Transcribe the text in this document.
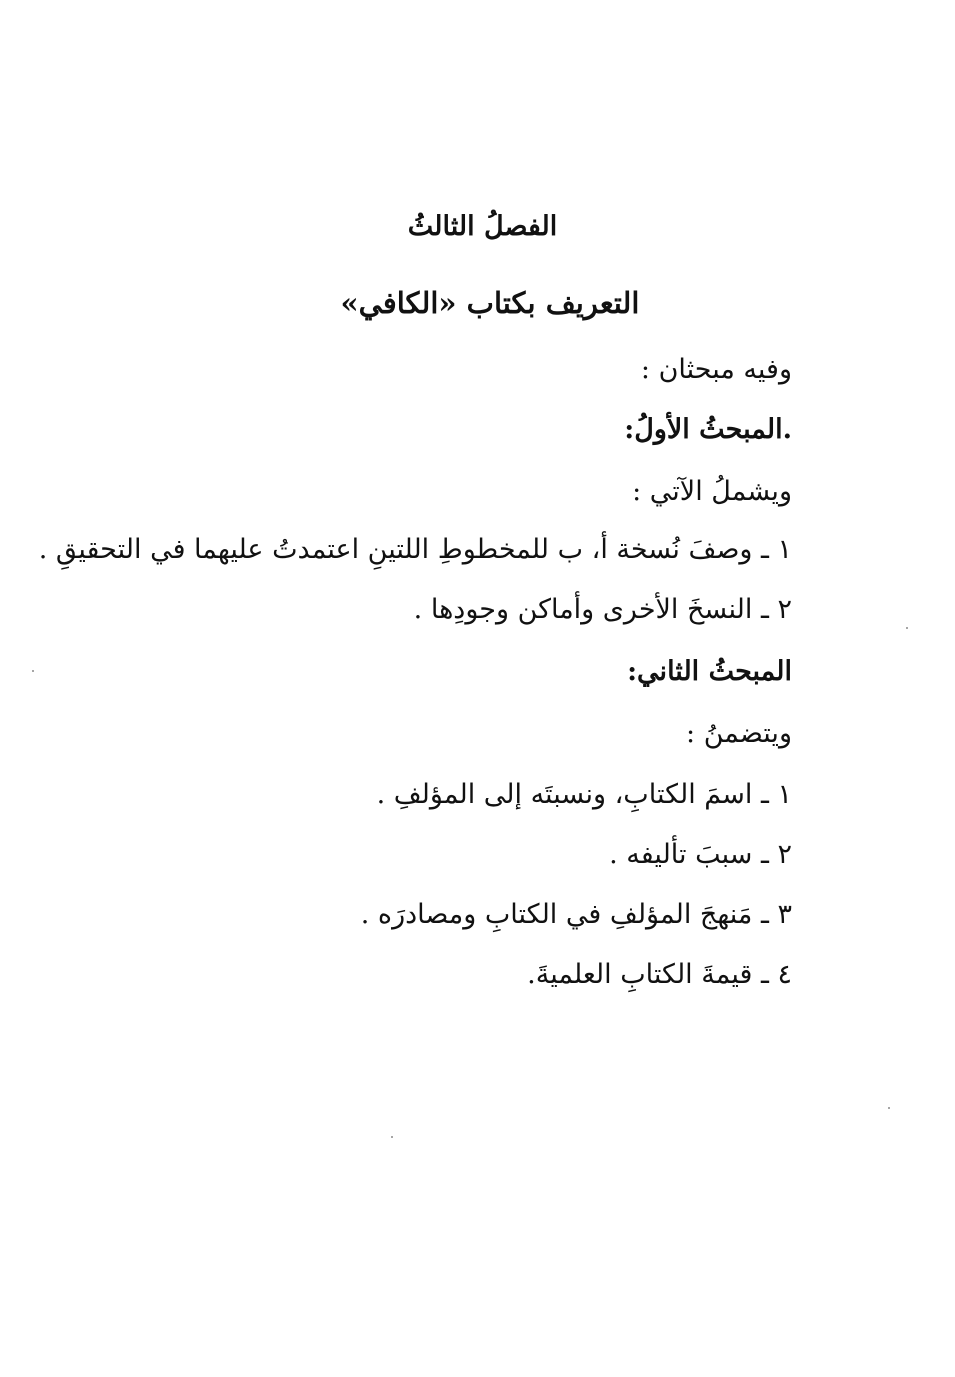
الفصلُ الثالثُ
التعريف بكتاب «الكافي»
وفيه مبحثان :
.المبحثُ الأولُ:
ويشملُ الآتي :
١ ـ وصفَ نُسخة أ، ب للمخطوطِ اللتينِ اعتمدتُ عليهما في التحقيقِ .
٢ ـ النسخَ الأخرى وأماكن وجودِها .
المبحثُ الثاني:
ويتضمنُ :
١ ـ اسمَ الكتابِ، ونسبتَه إلى المؤلفِ .
٢ ـ سببَ تأليفه .
٣ ـ مَنهجَ المؤلفِ في الكتابِ ومصادرَه .
٤ ـ قيمةَ الكتابِ العلميةَ.
